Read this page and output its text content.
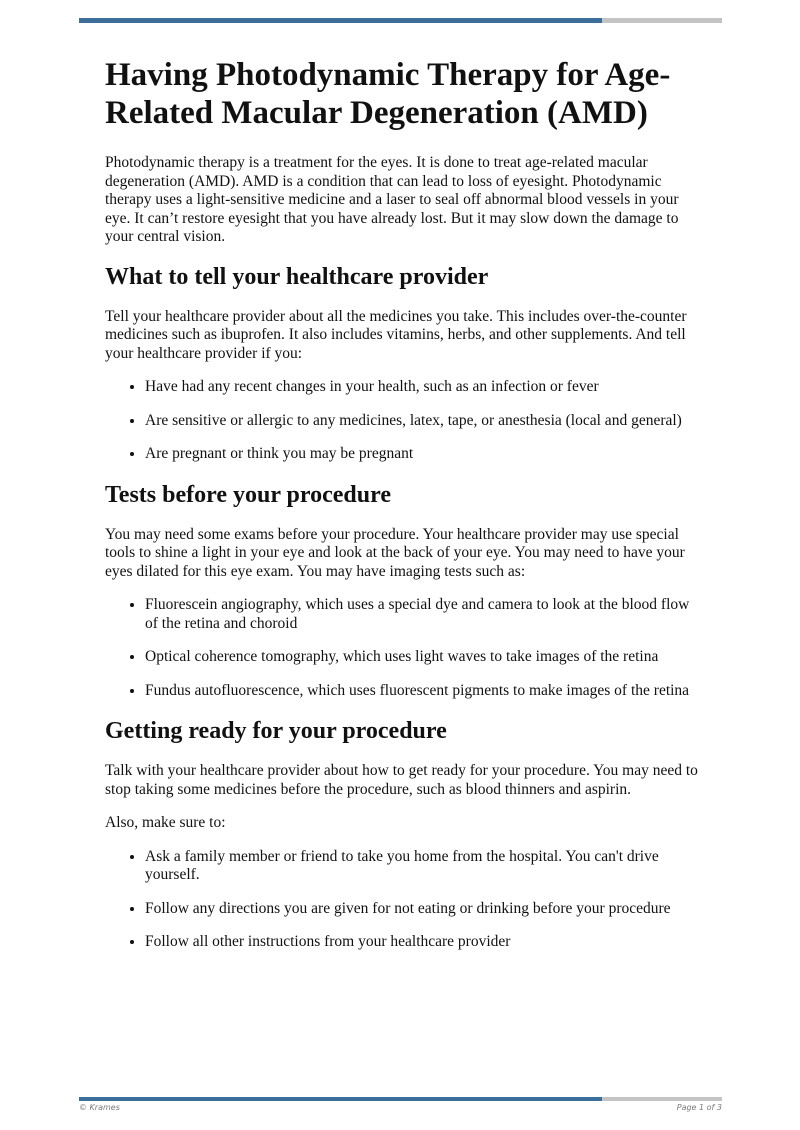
Having Photodynamic Therapy for Age-Related Macular Degeneration (AMD)

Photodynamic therapy is a treatment for the eyes. It is done to treat age-related macular degeneration (AMD). AMD is a condition that can lead to loss of eyesight. Photodynamic therapy uses a light-sensitive medicine and a laser to seal off abnormal blood vessels in your eye. It can’t restore eyesight that you have already lost. But it may slow down the damage to your central vision.

What to tell your healthcare provider

Tell your healthcare provider about all the medicines you take. This includes over-the-counter medicines such as ibuprofen. It also includes vitamins, herbs, and other supplements. And tell your healthcare provider if you:

• Have had any recent changes in your health, such as an infection or fever
• Are sensitive or allergic to any medicines, latex, tape, or anesthesia (local and general)
• Are pregnant or think you may be pregnant
Tests before your procedure

You may need some exams before your procedure. Your healthcare provider may use special tools to shine a light in your eye and look at the back of your eye. You may need to have your eyes dilated for this eye exam. You may have imaging tests such as:

• Fluorescein angiography, which uses a special dye and camera to look at the blood flow of the retina and choroid
• Optical coherence tomography, which uses light waves to take images of the retina
• Fundus autofluorescence, which uses fluorescent pigments to make images of the retina
Getting ready for your procedure

Talk with your healthcare provider about how to get ready for your procedure. You may need to stop taking some medicines before the procedure, such as blood thinners and aspirin.

Also, make sure to:

• Ask a family member or friend to take you home from the hospital. You can't drive yourself.
• Follow any directions you are given for not eating or drinking before your procedure
• Follow all other instructions from your healthcare provider
© Krames	Page 1 of 3
